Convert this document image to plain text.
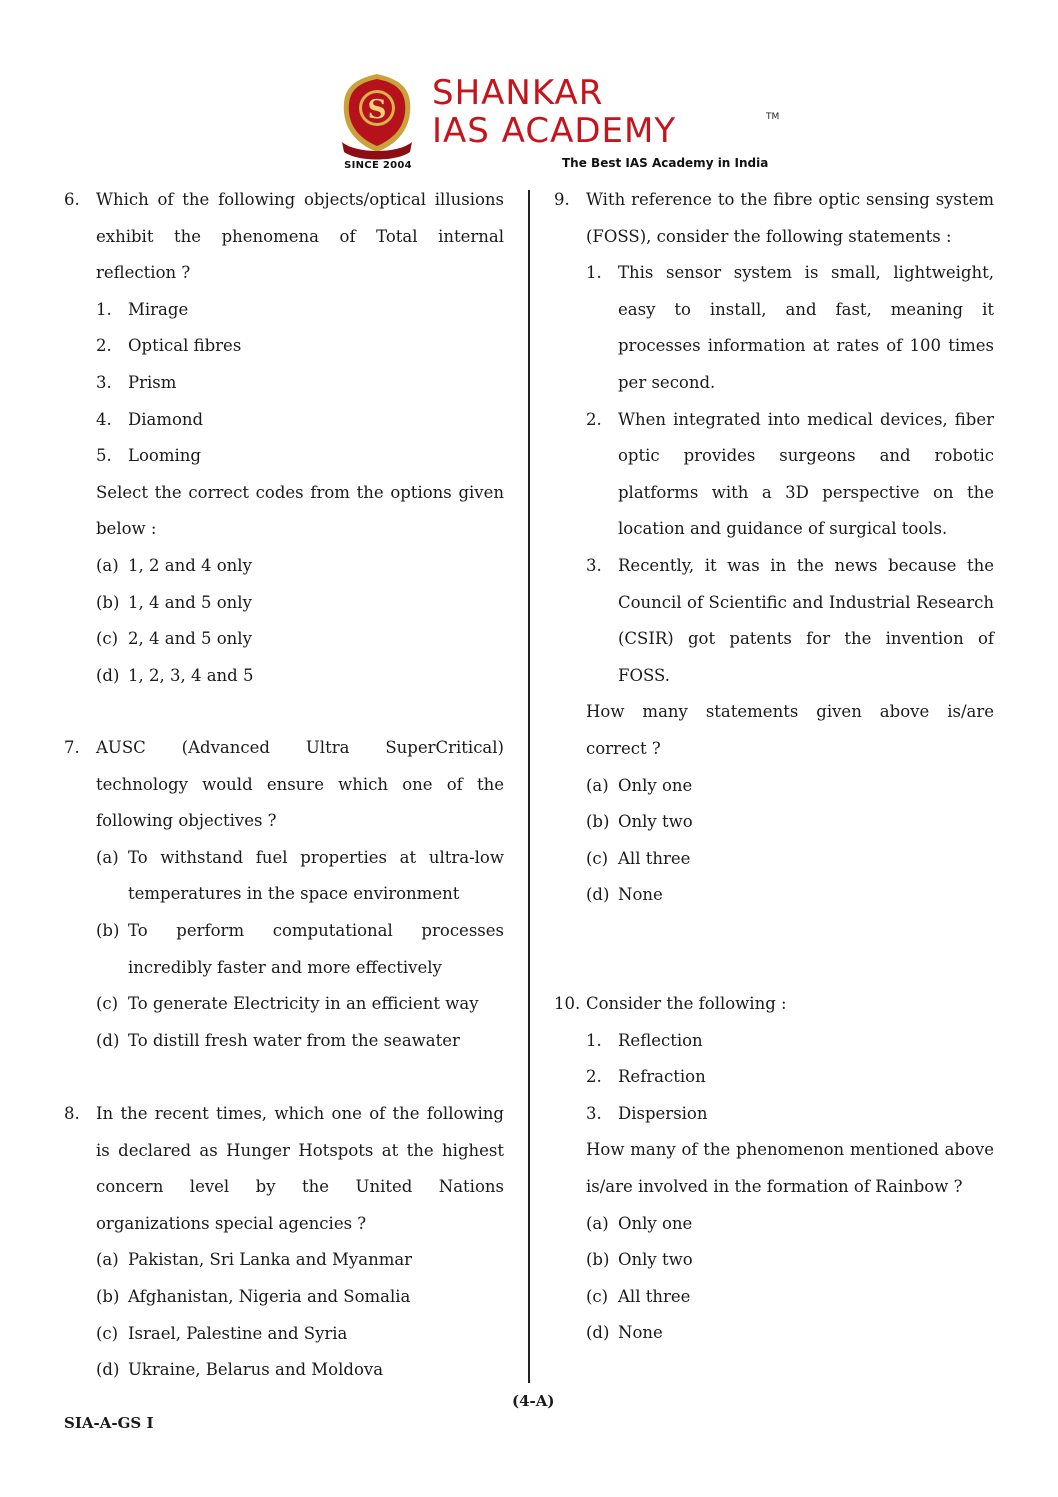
S
SINCE 2004
SHANKAR
IAS ACADEMY	TM
The Best IAS Academy in India
6. Which of the following objects/optical illusions exhibit the phenomena of Total internal reflection ?
1. Mirage
2. Optical fibres
3. Prism
4. Diamond
5. Looming
Select the correct codes from the options given below :
(a) 1, 2 and 4 only
(b) 1, 4 and 5 only
(c) 2, 4 and 5 only
(d) 1, 2, 3, 4 and 5
7. AUSC (Advanced Ultra SuperCritical) technology would ensure which one of the following objectives ?
(a) To withstand fuel properties at ultra-low temperatures in the space environment
(b) To perform computational processes incredibly faster and more effectively
(c) To generate Electricity in an efficient way
(d) To distill fresh water from the seawater
8. In the recent times, which one of the following is declared as Hunger Hotspots at the highest concern level by the United Nations organizations special agencies ?
(a) Pakistan, Sri Lanka and Myanmar
(b) Afghanistan, Nigeria and Somalia
(c) Israel, Palestine and Syria
(d) Ukraine, Belarus and Moldova
9. With reference to the fibre optic sensing system (FOSS), consider the following statements :
1. This sensor system is small, lightweight, easy to install, and fast, meaning it processes information at rates of 100 times per second.
2. When integrated into medical devices, fiber optic provides surgeons and robotic platforms with a 3D perspective on the location and guidance of surgical tools.
3. Recently, it was in the news because the Council of Scientific and Industrial Research (CSIR) got patents for the invention of FOSS.
How many statements given above is/are correct ?
(a) Only one
(b) Only two
(c) All three
(d) None
10. Consider the following :
1. Reflection
2. Refraction
3. Dispersion
How many of the phenomenon mentioned above is/are involved in the formation of Rainbow ?
(a) Only one
(b) Only two
(c) All three
(d) None
(4-A)
SIA-A-GS I
